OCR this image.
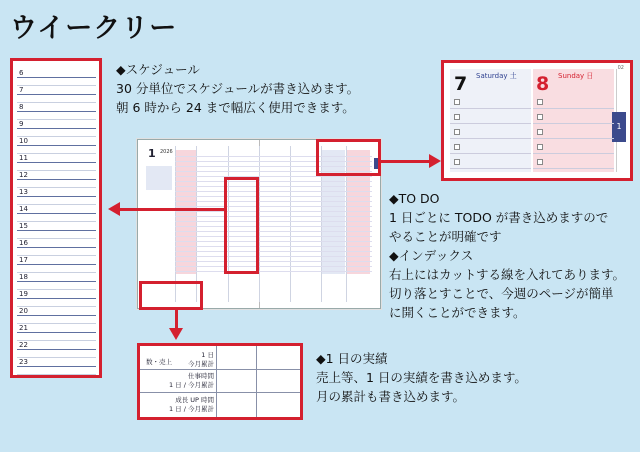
ウイークリー
◆スケジュール
30 分単位でスケジュールが書き込めます。
朝 6 時から 24 まで幅広く使用できます。
6
7
8
9
10
11
12
13
14
15
16
17
18
19
20
21
22
23
1 2026
7 Saturday 土 8 Sunday 日
02
1
◆TO DO
1 日ごとに TODO が書き込めますので
やることが明確です
◆インデックス
右上にはカットする線を入れてあります。
切り落とすことで、今週のページが簡単
に開くことができます。
数・売上
1 日
今月累計
仕事時間
1 日 / 今月累計
成長 UP 時間
1 日 / 今月累計
◆1 日の実績
売上等、1 日の実績を書き込めます。
月の累計も書き込めます。
